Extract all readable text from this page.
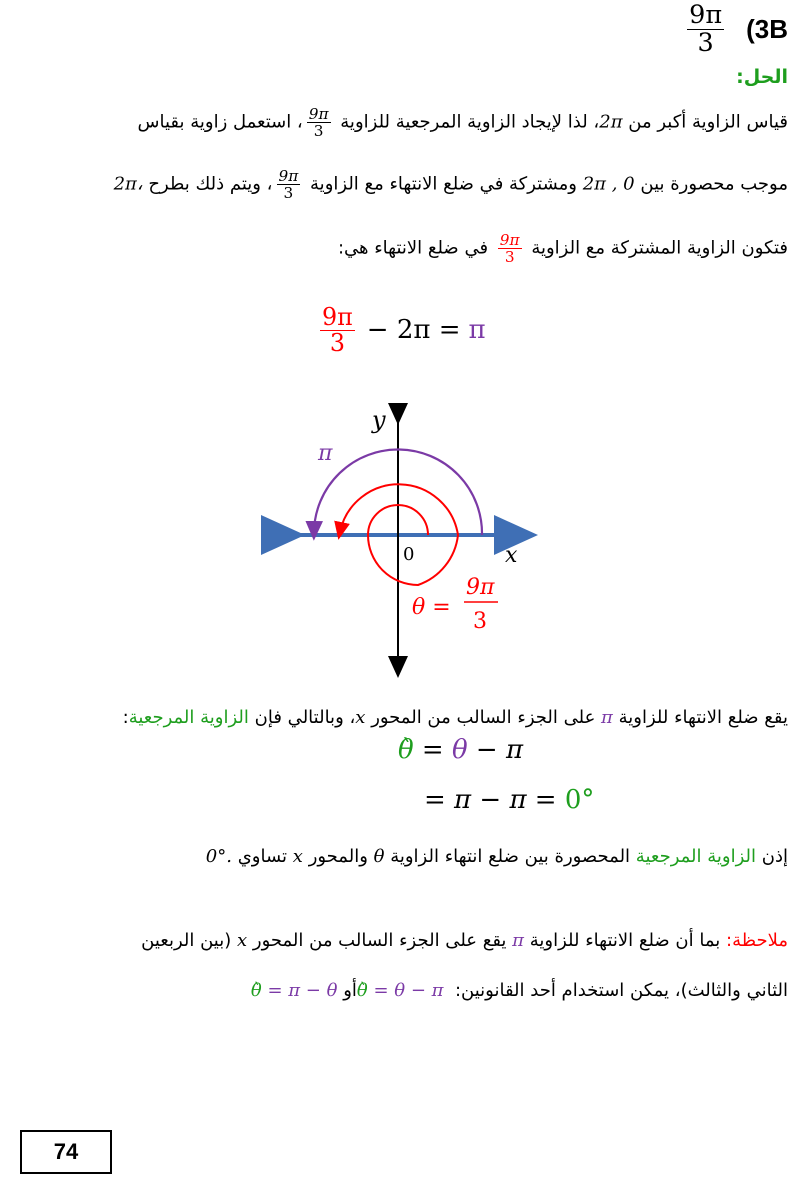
$\frac{9\pi}{3} (3B$
الحل:
قياس الزاوية أكبر من 2π، لذا لإيجاد الزاوية المرجعية للزاوية
$\frac{9\pi}{3}$
، استعمل زاوية بقياس
موجب محصورة بين 2π , 0 ومشتركة في ضلع الانتهاء مع الزاوية
$\frac{9\pi}{3}$
، ويتم ذلك بطرح 2π،
فتكون الزاوية المشتركة مع الزاوية
$\frac{9\pi}{3}$
في ضلع الانتهاء هي:
$\frac{9\pi}{3} - 2\pi = \pi$
y
x
0
π
θ =
9π
3
يقع ضلع الانتهاء للزاوية π على الجزء السالب من المحور x، وبالتالي فإن الزاوية المرجعية:
θ̀ = θ − π
= π − π = 0°
إذن الزاوية المرجعية المحصورة بين ضلع انتهاء الزاوية θ والمحور x تساوي 0°.
ملاحظة: بما أن ضلع الانتهاء للزاوية π يقع على الجزء السالب من المحور x (بين الربعين
الثاني والثالث)، يمكن استخدام أحد القانونين: θ̀ = θ − π أو θ̀ = π − θ
74
